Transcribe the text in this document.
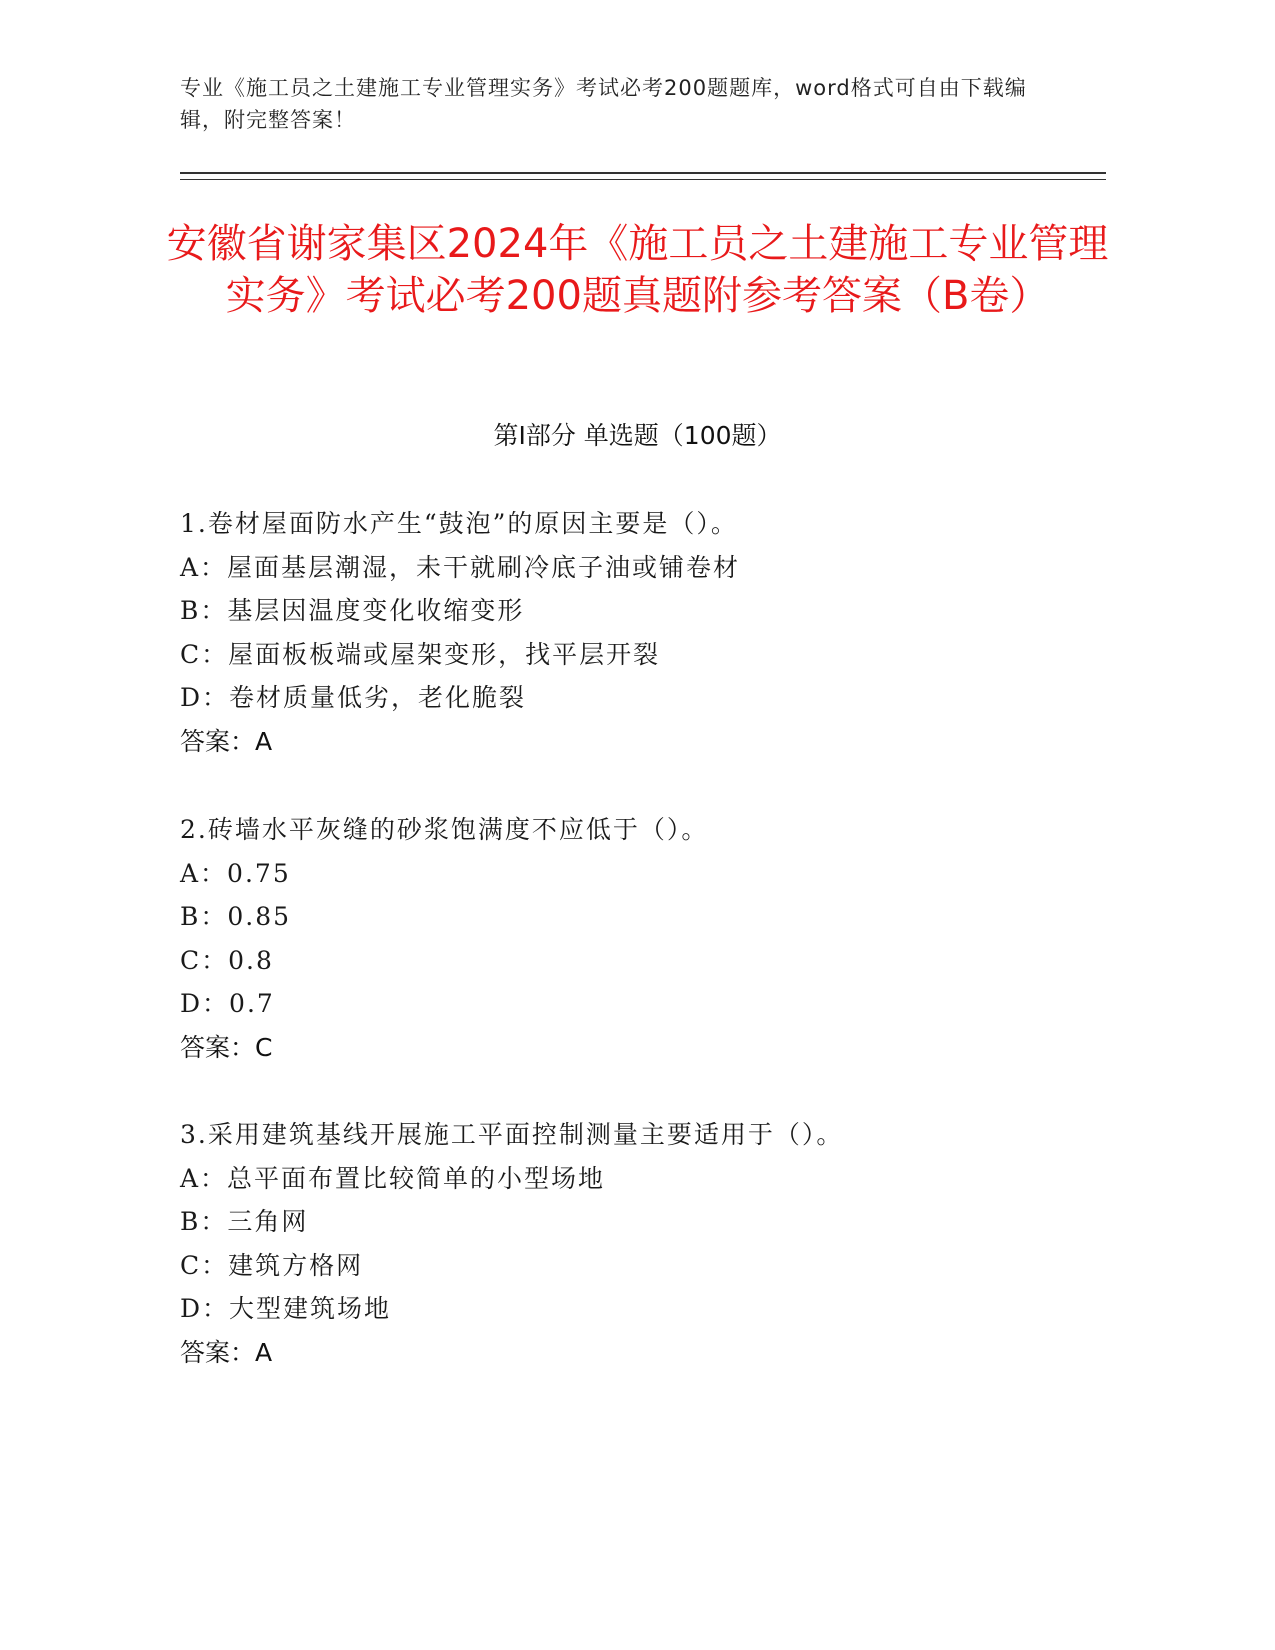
专业《施工员之土建施工专业管理实务》考试必考200题题库，word格式可自由下载编辑，附完整答案！
安徽省谢家集区2024年《施工员之土建施工专业管理实务》考试必考200题真题附参考答案（B卷）
第I部分 单选题（100题）
1.卷材屋面防水产生“鼓泡”的原因主要是（）。
A：屋面基层潮湿，未干就刷冷底子油或铺卷材
B：基层因温度变化收缩变形
C：屋面板板端或屋架变形，找平层开裂
D：卷材质量低劣，老化脆裂
答案：A
2.砖墙水平灰缝的砂浆饱满度不应低于（）。
A：0.75
B：0.85
C：0.8
D：0.7
答案：C
3.采用建筑基线开展施工平面控制测量主要适用于（）。
A：总平面布置比较简单的小型场地
B：三角网
C：建筑方格网
D：大型建筑场地
答案：A
